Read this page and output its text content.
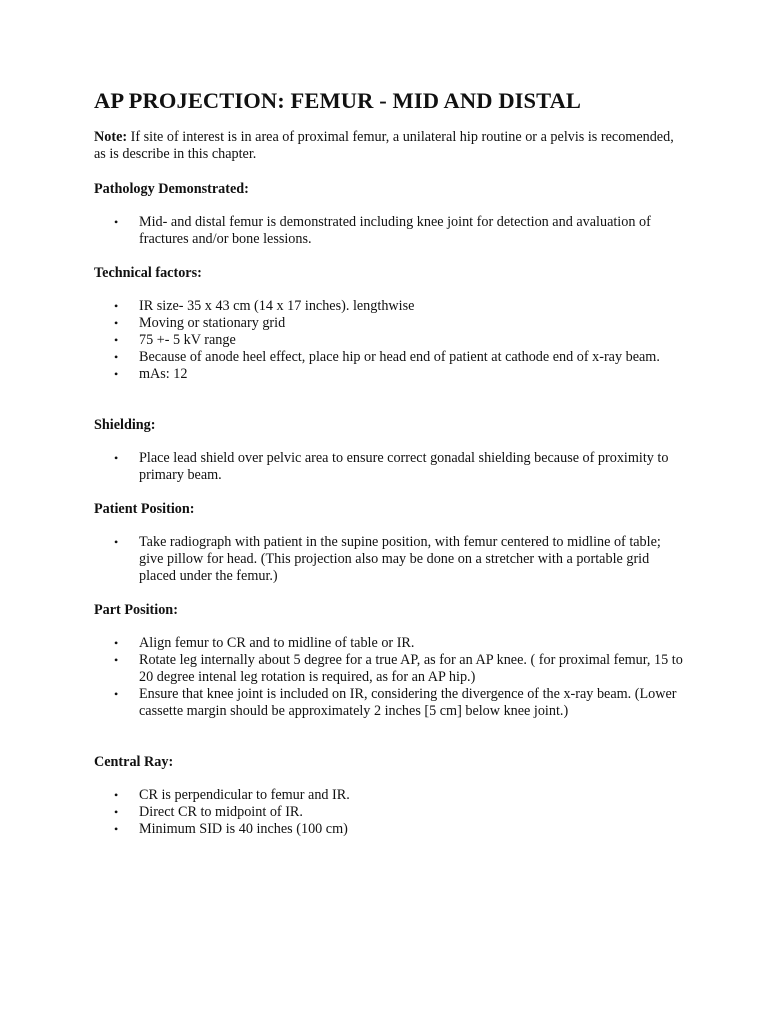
AP PROJECTION: FEMUR - MID AND DISTAL

Note: If site of interest is in area of proximal femur, a unilateral hip routine or a pelvis is recomended, as is describe in this chapter.

Pathology Demonstrated:

• Mid- and distal femur is demonstrated including knee joint for detection and avaluation of fractures and/or bone lessions.

Technical factors:

• IR size- 35 x 43 cm (14 x 17 inches). lengthwise
• Moving or stationary grid
• 75 +- 5 kV range
• Because of anode heel effect, place hip or head end of patient at cathode end of x-ray beam.
• mAs: 12

Shielding:

• Place lead shield over pelvic area to ensure correct gonadal shielding because of proximity to primary beam.

Patient Position:

• Take radiograph with patient in the supine position, with femur centered to midline of table; give pillow for head. (This projection also may be done on a stretcher with a portable grid placed under the femur.)

Part Position:

• Align femur to CR and to midline of table or IR.
• Rotate leg internally about 5 degree for a true AP, as for an AP knee. ( for proximal femur, 15 to 20 degree intenal leg rotation is required, as for an AP hip.)
• Ensure that knee joint is included on IR, considering the divergence of the x-ray beam. (Lower cassette margin should be approximately 2 inches [5 cm] below knee joint.)

Central Ray:

• CR is perpendicular to femur and IR.
• Direct CR to midpoint of IR.
• Minimum SID is 40 inches (100 cm)
